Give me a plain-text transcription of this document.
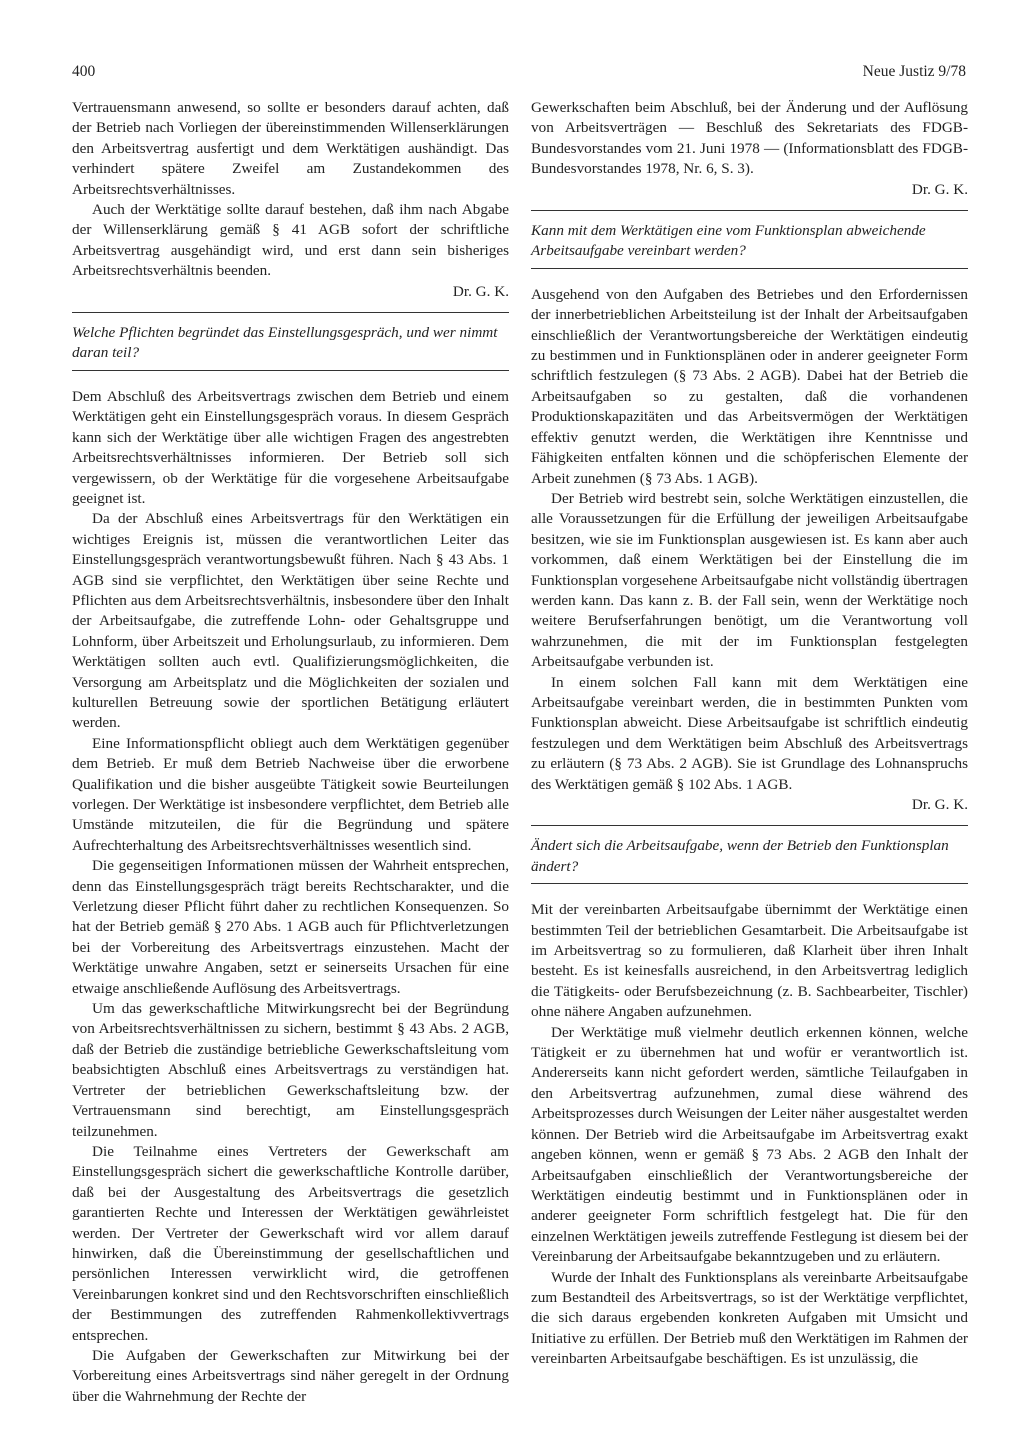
400	Neue Justiz 9/78

Vertrauensmann anwesend, so sollte er besonders darauf achten, daß der Betrieb nach Vorliegen der übereinstimmenden Willenserklärungen den Arbeitsvertrag ausfertigt und dem Werktätigen aushändigt. Das verhindert spätere Zweifel am Zustandekommen des Arbeitsrechtsverhältnisses.

Auch der Werktätige sollte darauf bestehen, daß ihm nach Abgabe der Willenserklärung gemäß § 41 AGB sofort der schriftliche Arbeitsvertrag ausgehändigt wird, und erst dann sein bisheriges Arbeitsrechtsverhältnis beenden.

Dr. G. K.

Welche Pflichten begründet das Einstellungsgespräch, und wer nimmt daran teil?

Dem Abschluß des Arbeitsvertrags zwischen dem Betrieb und einem Werktätigen geht ein Einstellungsgespräch voraus. In diesem Gespräch kann sich der Werktätige über alle wichtigen Fragen des angestrebten Arbeitsrechtsverhältnisses informieren. Der Betrieb soll sich vergewissern, ob der Werktätige für die vorgesehene Arbeitsaufgabe geeignet ist.

Da der Abschluß eines Arbeitsvertrags für den Werktätigen ein wichtiges Ereignis ist, müssen die verantwortlichen Leiter das Einstellungsgespräch verantwortungsbewußt führen. Nach § 43 Abs. 1 AGB sind sie verpflichtet, den Werktätigen über seine Rechte und Pflichten aus dem Arbeitsrechtsverhältnis, insbesondere über den Inhalt der Arbeitsaufgabe, die zutreffende Lohn- oder Gehaltsgruppe und Lohnform, über Arbeitszeit und Erholungsurlaub, zu informieren. Dem Werktätigen sollten auch evtl. Qualifizierungsmöglichkeiten, die Versorgung am Arbeitsplatz und die Möglichkeiten der sozialen und kulturellen Betreuung sowie der sportlichen Betätigung erläutert werden.

Eine Informationspflicht obliegt auch dem Werktätigen gegenüber dem Betrieb. Er muß dem Betrieb Nachweise über die erworbene Qualifikation und die bisher ausgeübte Tätigkeit sowie Beurteilungen vorlegen. Der Werktätige ist insbesondere verpflichtet, dem Betrieb alle Umstände mitzuteilen, die für die Begründung und spätere Aufrechterhaltung des Arbeitsrechtsverhältnisses wesentlich sind.

Die gegenseitigen Informationen müssen der Wahrheit entsprechen, denn das Einstellungsgespräch trägt bereits Rechtscharakter, und die Verletzung dieser Pflicht führt daher zu rechtlichen Konsequenzen. So hat der Betrieb gemäß § 270 Abs. 1 AGB auch für Pflichtverletzungen bei der Vorbereitung des Arbeitsvertrags einzustehen. Macht der Werktätige unwahre Angaben, setzt er seinerseits Ursachen für eine etwaige anschließende Auflösung des Arbeitsvertrags.

Um das gewerkschaftliche Mitwirkungsrecht bei der Begründung von Arbeitsrechtsverhältnissen zu sichern, bestimmt § 43 Abs. 2 AGB, daß der Betrieb die zuständige betriebliche Gewerkschaftsleitung vom beabsichtigten Abschluß eines Arbeitsvertrags zu verständigen hat. Vertreter der betrieblichen Gewerkschaftsleitung bzw. der Vertrauensmann sind berechtigt, am Einstellungsgespräch teilzunehmen.

Die Teilnahme eines Vertreters der Gewerkschaft am Einstellungsgespräch sichert die gewerkschaftliche Kontrolle darüber, daß bei der Ausgestaltung des Arbeitsvertrags die gesetzlich garantierten Rechte und Interessen der Werktätigen gewährleistet werden. Der Vertreter der Gewerkschaft wird vor allem darauf hinwirken, daß die Übereinstimmung der gesellschaftlichen und persönlichen Interessen verwirklicht wird, die getroffenen Vereinbarungen konkret sind und den Rechtsvorschriften einschließlich der Bestimmungen des zutreffenden Rahmenkollektivvertrags entsprechen.

Die Aufgaben der Gewerkschaften zur Mitwirkung bei der Vorbereitung eines Arbeitsvertrags sind näher geregelt in der Ordnung über die Wahrnehmung der Rechte der

Gewerkschaften beim Abschluß, bei der Änderung und der Auflösung von Arbeitsverträgen — Beschluß des Sekretariats des FDGB-Bundesvorstandes vom 21. Juni 1978 — (Informationsblatt des FDGB-Bundesvorstandes 1978, Nr. 6, S. 3).

Dr. G. K.

Kann mit dem Werktätigen eine vom Funktionsplan abweichende Arbeitsaufgabe vereinbart werden?

Ausgehend von den Aufgaben des Betriebes und den Erfordernissen der innerbetrieblichen Arbeitsteilung ist der Inhalt der Arbeitsaufgaben einschließlich der Verantwortungsbereiche der Werktätigen eindeutig zu bestimmen und in Funktionsplänen oder in anderer geeigneter Form schriftlich festzulegen (§ 73 Abs. 2 AGB). Dabei hat der Betrieb die Arbeitsaufgaben so zu gestalten, daß die vorhandenen Produktionskapazitäten und das Arbeitsvermögen der Werktätigen effektiv genutzt werden, die Werktätigen ihre Kenntnisse und Fähigkeiten entfalten können und die schöpferischen Elemente der Arbeit zunehmen (§ 73 Abs. 1 AGB).

Der Betrieb wird bestrebt sein, solche Werktätigen einzustellen, die alle Voraussetzungen für die Erfüllung der jeweiligen Arbeitsaufgabe besitzen, wie sie im Funktionsplan ausgewiesen ist. Es kann aber auch vorkommen, daß einem Werktätigen bei der Einstellung die im Funktionsplan vorgesehene Arbeitsaufgabe nicht vollständig übertragen werden kann. Das kann z. B. der Fall sein, wenn der Werktätige noch weitere Berufserfahrungen benötigt, um die Verantwortung voll wahrzunehmen, die mit der im Funktionsplan festgelegten Arbeitsaufgabe verbunden ist.

In einem solchen Fall kann mit dem Werktätigen eine Arbeitsaufgabe vereinbart werden, die in bestimmten Punkten vom Funktionsplan abweicht. Diese Arbeitsaufgabe ist schriftlich eindeutig festzulegen und dem Werktätigen beim Abschluß des Arbeitsvertrags zu erläutern (§ 73 Abs. 2 AGB). Sie ist Grundlage des Lohnanspruchs des Werktätigen gemäß § 102 Abs. 1 AGB.

Dr. G. K.

Ändert sich die Arbeitsaufgabe, wenn der Betrieb den Funktionsplan ändert?

Mit der vereinbarten Arbeitsaufgabe übernimmt der Werktätige einen bestimmten Teil der betrieblichen Gesamtarbeit. Die Arbeitsaufgabe ist im Arbeitsvertrag so zu formulieren, daß Klarheit über ihren Inhalt besteht. Es ist keinesfalls ausreichend, in den Arbeitsvertrag lediglich die Tätigkeits- oder Berufsbezeichnung (z. B. Sachbearbeiter, Tischler) ohne nähere Angaben aufzunehmen.

Der Werktätige muß vielmehr deutlich erkennen können, welche Tätigkeit er zu übernehmen hat und wofür er verantwortlich ist. Andererseits kann nicht gefordert werden, sämtliche Teilaufgaben in den Arbeitsvertrag aufzunehmen, zumal diese während des Arbeitsprozesses durch Weisungen der Leiter näher ausgestaltet werden können. Der Betrieb wird die Arbeitsaufgabe im Arbeitsvertrag exakt angeben können, wenn er gemäß § 73 Abs. 2 AGB den Inhalt der Arbeitsaufgaben einschließlich der Verantwortungsbereiche der Werktätigen eindeutig bestimmt und in Funktionsplänen oder in anderer geeigneter Form schriftlich festgelegt hat. Die für den einzelnen Werktätigen jeweils zutreffende Festlegung ist diesem bei der Vereinbarung der Arbeitsaufgabe bekanntzugeben und zu erläutern.

Wurde der Inhalt des Funktionsplans als vereinbarte Arbeitsaufgabe zum Bestandteil des Arbeitsvertrags, so ist der Werktätige verpflichtet, die sich daraus ergebenden konkreten Aufgaben mit Umsicht und Initiative zu erfüllen. Der Betrieb muß den Werktätigen im Rahmen der vereinbarten Arbeitsaufgabe beschäftigen. Es ist unzulässig, die
